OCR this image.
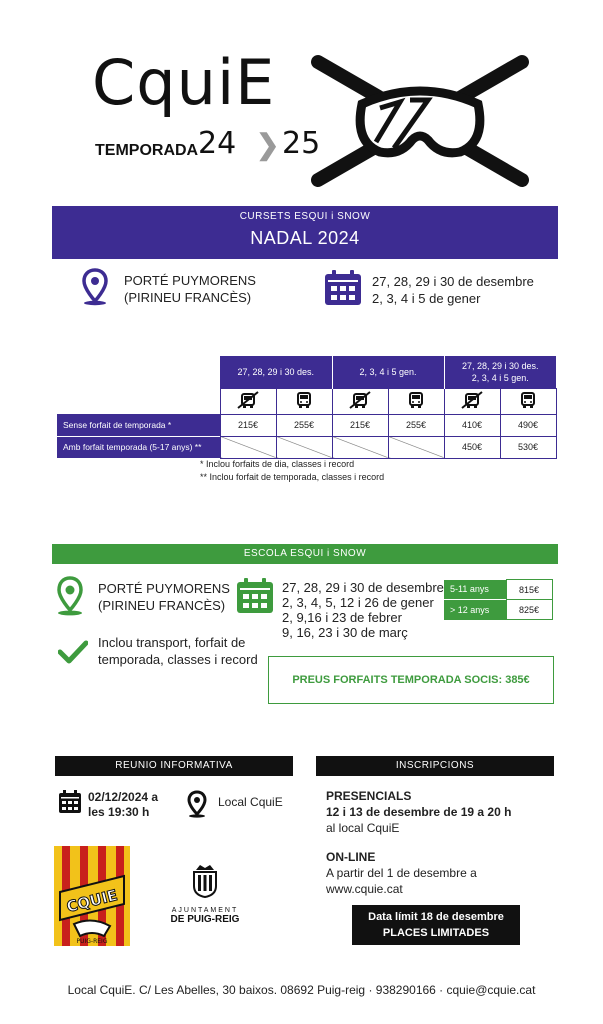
CquiE
TEMPORADA 24 ❯ 25
CURSETS ESQUI i SNOW
NADAL 2024
PORTÉ PUYMORENS
(PIRINEU FRANCÈS)
27, 28, 29 i 30 de desembre
2, 3, 4 i 5 de gener
	27, 28, 29 i 30 des.		2, 3, 4 i 5 gen.		27, 28, 29 i 30 des.
2, 3, 4 i 5 gen.	

Sense forfait de temporada *	215€	255€	215€	255€	410€	490€
Amb forfait temporada (5-17 anys) **					450€	530€
* Inclou forfaits de dia, classes i record
** Inclou forfait de temporada, classes i record
ESCOLA ESQUI i SNOW
PORTÉ PUYMORENS
(PIRINEU FRANCÈS)
27, 28, 29 i 30 de desembre
2, 3, 4, 5, 12 i 26 de gener
2, 9,16 i 23 de febrer
9, 16, 23 i 30 de març
5-11 anys	815€
> 12 anys	825€
Inclou transport, forfait de
temporada, classes i record
PREUS FORFAITS TEMPORADA SOCIS: 385€
REUNIO INFORMATIVA
02/12/2024 a
les 19:30 h
Local CquiE
INSCRIPCIONS
PRESENCIALS
12 i 13 de desembre de 19 a 20 h
al local CquiE
ON-LINE
A partir del 1 de desembre a
www.cquie.cat
Data límit 18 de desembre
PLACES LIMITADES
CQUIE
PUIG-REIG
AJUNTAMENT
DE PUIG-REIG
Local CquiE. C/ Les Abelles, 30 baixos. 08692 Puig-reig · 938290166 · cquie@cquie.cat
